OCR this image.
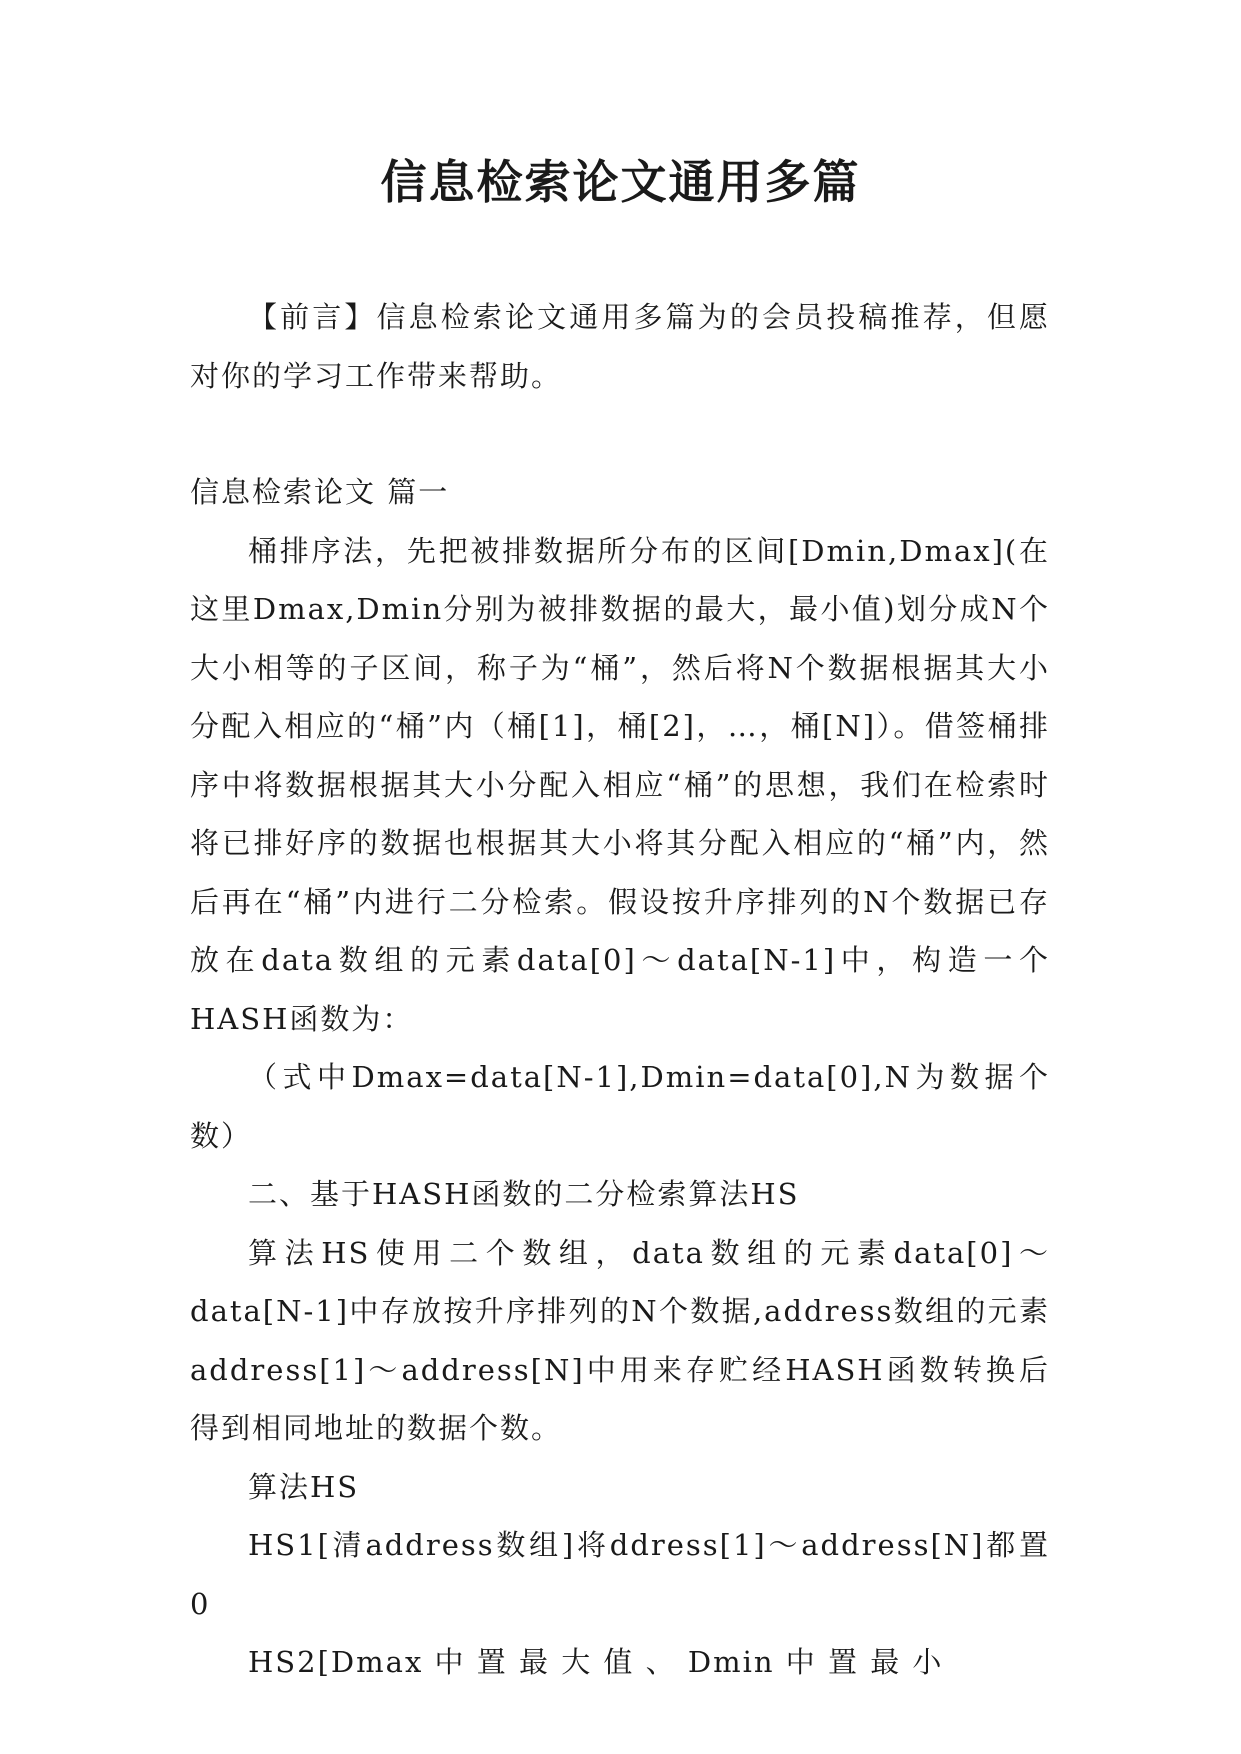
信息检索论文通用多篇

【前言】信息检索论文通用多篇为的会员投稿推荐，但愿对你的学习工作带来帮助。

信息检索论文 篇一

桶排序法，先把被排数据所分布的区间[Dmin,Dmax](在这里Dmax,Dmin分别为被排数据的最大，最小值)划分成N个大小相等的子区间，称子为“桶”，然后将N个数据根据其大小分配入相应的“桶”内（桶[1]，桶[2]，…，桶[N]）。借签桶排序中将数据根据其大小分配入相应“桶”的思想，我们在检索时将已排好序的数据也根据其大小将其分配入相应的“桶”内，然后再在“桶”内进行二分检索。假设按升序排列的N个数据已存放在data数组的元素data[0]～data[N-1]中，构造一个HASH函数为：

（式中Dmax=data[N-1],Dmin=data[0],N为数据个数）

二、基于HASH函数的二分检索算法HS

算法HS使用二个数组，data数组的元素data[0]～data[N-1]中存放按升序排列的N个数据,address数组的元素address[1]～address[N]中用来存贮经HASH函数转换后得到相同地址的数据个数。

算法HS

HS1[清address数组]将ddress[1]～address[N]都置0

HS2[Dmax 中 置 最 大 值 、 Dmin 中 置 最 小
